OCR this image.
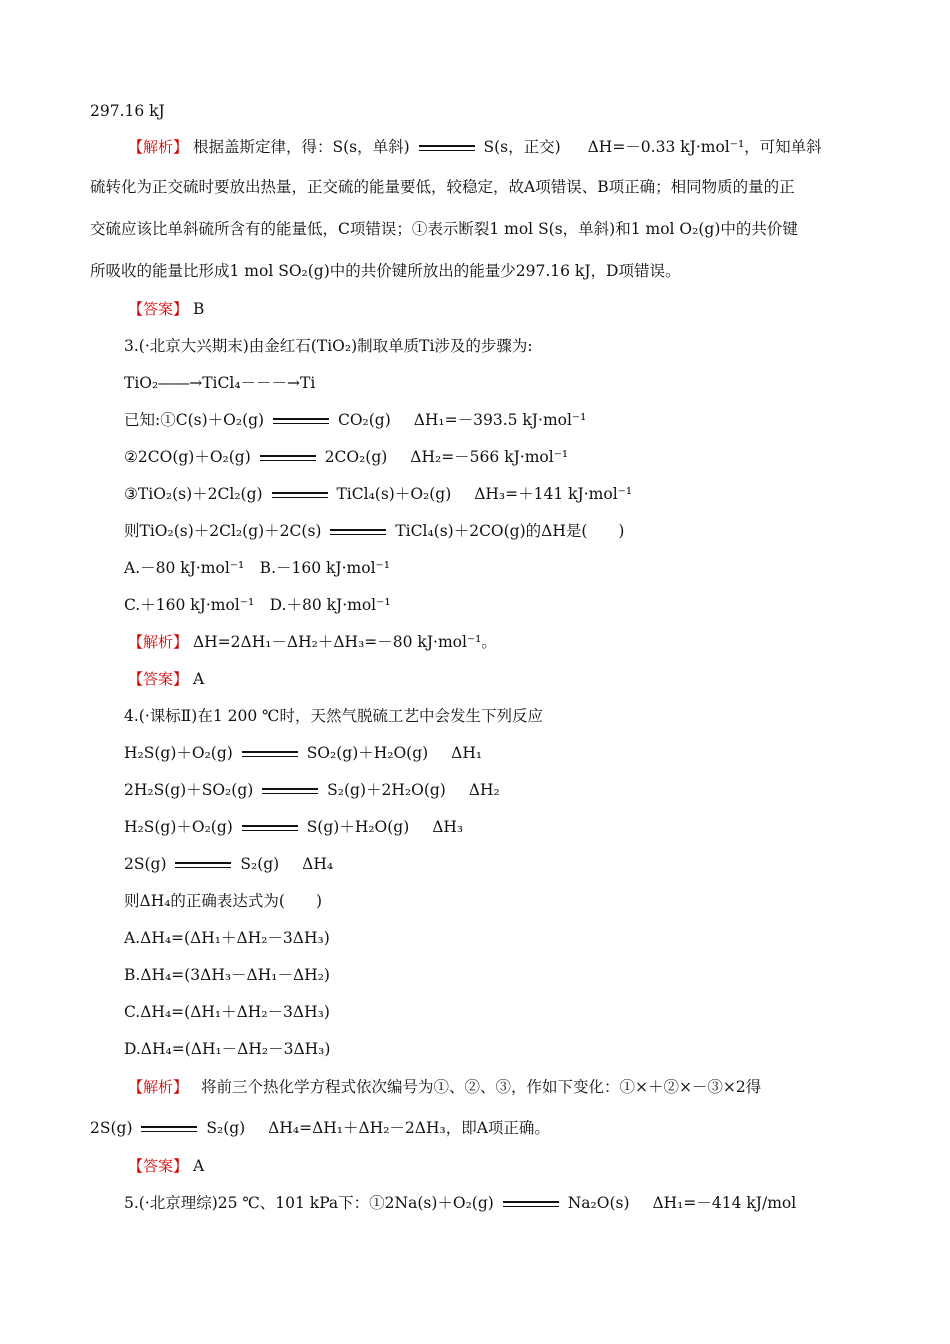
297.16 kJ
【解析】 根据盖斯定律，得：S(s，单斜)	S(s，正交) ΔH=－0.33 kJ·mol⁻¹，可知单斜
硫转化为正交硫时要放出热量，正交硫的能量要低，较稳定，故A项错误、B项正确；相同物质的量的正
交硫应该比单斜硫所含有的能量低，C项错误；①表示断裂1 mol S(s，单斜)和1 mol O₂(g)中的共价键
所吸收的能量比形成1 mol SO₂(g)中的共价键所放出的能量少297.16 kJ，D项错误。
【答案】 B
3.(·北京大兴期末)由金红石(TiO₂)制取单质Ti涉及的步骤为:
TiO₂――→TiCl₄－－－→Ti
已知:①C(s)＋O₂(g)	CO₂(g) ΔH₁=－393.5 kJ·mol⁻¹
②2CO(g)＋O₂(g)	2CO₂(g) ΔH₂=－566 kJ·mol⁻¹
③TiO₂(s)＋2Cl₂(g)	TiCl₄(s)＋O₂(g) ΔH₃=＋141 kJ·mol⁻¹
则TiO₂(s)＋2Cl₂(g)＋2C(s)	TiCl₄(s)＋2CO(g)的ΔH是(　　)
A.－80 kJ·mol⁻¹　B.－160 kJ·mol⁻¹
C.＋160 kJ·mol⁻¹　D.＋80 kJ·mol⁻¹
【解析】 ΔH=2ΔH₁－ΔH₂＋ΔH₃=－80 kJ·mol⁻¹。
【答案】 A
4.(·课标Ⅱ)在1 200 ℃时，天然气脱硫工艺中会发生下列反应
H₂S(g)＋O₂(g)	SO₂(g)＋H₂O(g) ΔH₁
2H₂S(g)＋SO₂(g)	S₂(g)＋2H₂O(g) ΔH₂
H₂S(g)＋O₂(g)	S(g)＋H₂O(g) ΔH₃
2S(g)	S₂(g) ΔH₄
则ΔH₄的正确表达式为(　　)
A.ΔH₄=(ΔH₁＋ΔH₂－3ΔH₃)
B.ΔH₄=(3ΔH₃－ΔH₁－ΔH₂)
C.ΔH₄=(ΔH₁＋ΔH₂－3ΔH₃)
D.ΔH₄=(ΔH₁－ΔH₂－3ΔH₃)
【解析】 将前三个热化学方程式依次编号为①、②、③，作如下变化：①×＋②×－③×2得
2S(g)	S₂(g) ΔH₄=ΔH₁＋ΔH₂－2ΔH₃，即A项正确。
【答案】 A
5.(·北京理综)25 ℃、101 kPa下：①2Na(s)＋O₂(g)	Na₂O(s) ΔH₁=－414 kJ/mol
